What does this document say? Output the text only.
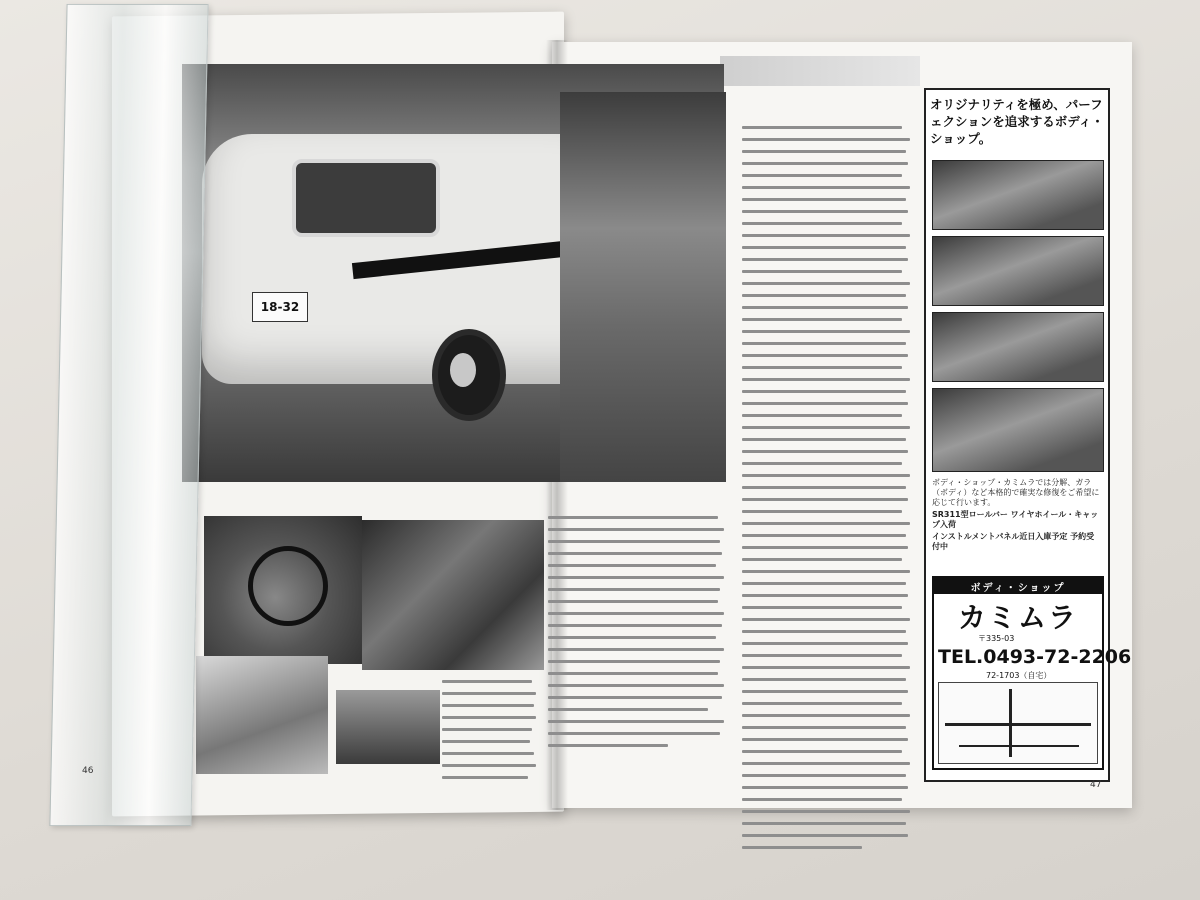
18-32
オリジナリティを極め、パーフェクションを追求するボディ・ショップ。
ボディ・ショップ・カミムラでは分解、ガラ（ボディ）など本格的で確実な修復をご希望に応じて行います。
SR311型ロールバー ワイヤホイール・キャップ入荷
インストルメントパネル近日入庫予定 予約受付中
ボディ・ショップ
カミムラ
〒335-03
TEL.0493-72-2206
72-1703（自宅）
46
47
